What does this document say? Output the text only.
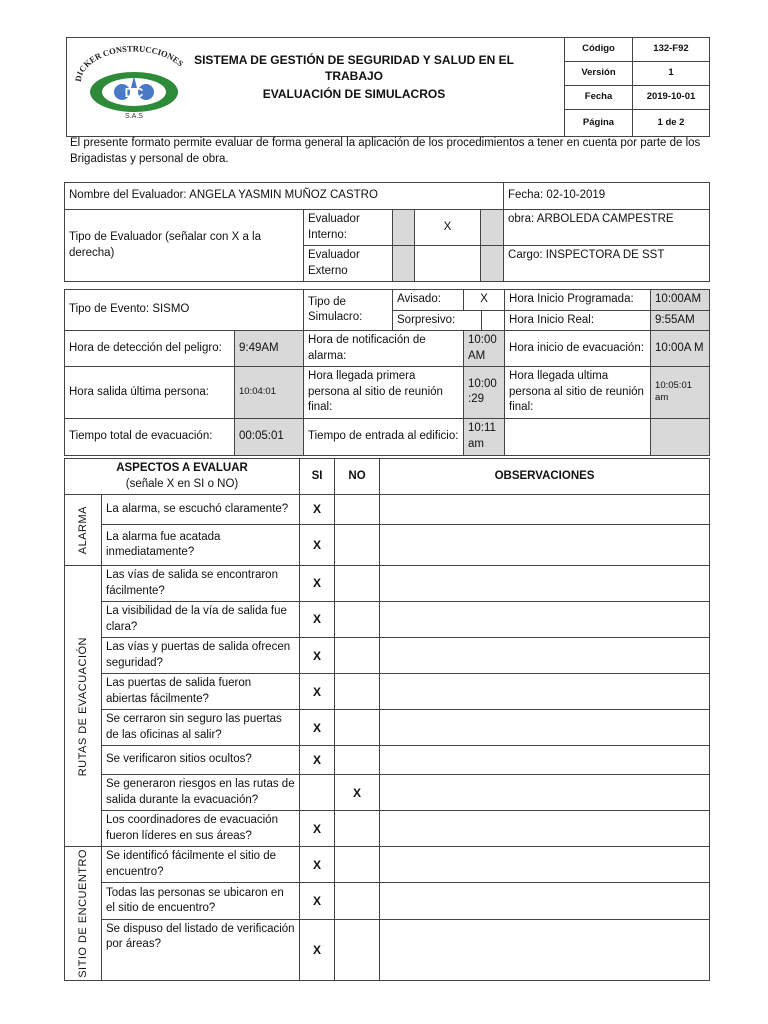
DICKER CONSTRUCCIONES
DC
S.A.S
SISTEMA DE GESTIÓN DE SEGURIDAD Y SALUD EN EL TRABAJO
EVALUACIÓN DE SIMULACROS	Código	132-F92
	Versión	1
	Fecha	2019-10-01
	Página	1 de 2
El presente formato permite evaluar de forma general la aplicación de los procedimientos a tener en cuenta por parte de los Brigadistas y personal de obra.
Nombre del Evaluador: ANGELA YASMIN MUÑOZ CASTRO					Fecha: 02-10-2019
Tipo de Evaluador (señalar con X a la derecha)	Evaluador Interno:		X		obra: ARBOLEDA CAMPESTRE
	Evaluador Externo				Cargo: INSPECTORA DE SST
Tipo de Evento: SISMO		Tipo de Simulacro:	Avisado:	X		Hora Inicio Programada:	10:00AM
			Sorpresivo:			Hora Inicio Real:	9:55AM
Hora de detección del peligro:	9:49AM	Hora de notificación de alarma:		10:00 AM		Hora inicio de evacuación:	10:00A M
Hora salida última persona:	10:04:01	Hora llegada primera persona al sitio de reunión final:		10:00 :29		Hora llegada ultima persona al sitio de reunión final:	10:05:01 am
Tiempo total de evacuación:	00:05:01	Tiempo de entrada al edificio:		10:11 am			
ASPECTOS A EVALUAR
(señale X en SI o NO)		SI	NO	OBSERVACIONES

ALARMA	La alarma, se escuchó claramente?	X		
	La alarma fue acatada inmediatamente?	X		

RUTAS DE EVACUACIÓN	Las vías de salida se encontraron fácilmente?	X		
	La visibilidad de la vía de salida fue clara?	X		
	Las vías y puertas de salida ofrecen seguridad?	X		
	Las puertas de salida fueron abiertas fácilmente?	X		
	Se cerraron sin seguro las puertas de las oficinas al salir?	X		
	Se verificaron sitios ocultos?	X		
	Se generaron riesgos en las rutas de salida durante la evacuación?		X	
	Los coordinadores de evacuación fueron líderes en sus áreas?	X		

SITIO DE ENCUENTRO	Se identificó fácilmente el sitio de encuentro?	X		
	Todas las personas se ubicaron en el sitio de encuentro?	X		
	Se dispuso del listado de verificación por áreas?	X		
